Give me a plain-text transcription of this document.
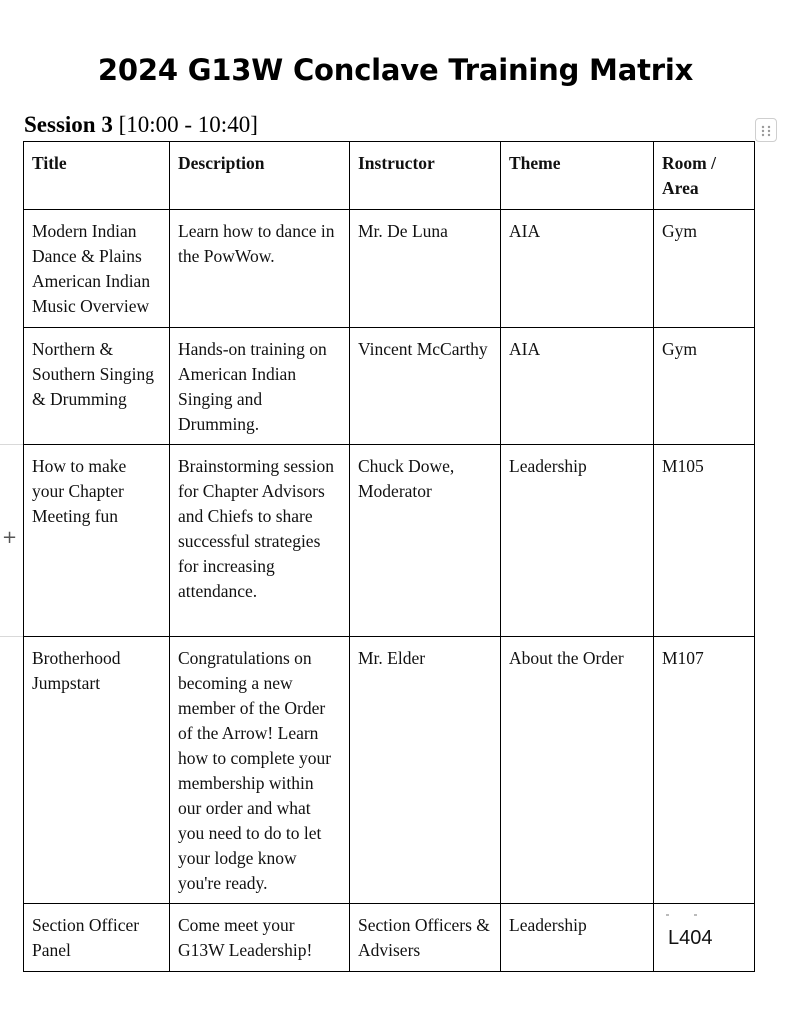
2024 G13W Conclave Training Matrix
Session 3 [10:00 - 10:40]
+
Title	Description	Instructor	Theme	Room / Area
Modern Indian Dance & Plains American Indian Music Overview	Learn how to dance in the PowWow.	Mr. De Luna	AIA	Gym
Northern & Southern Singing & Drumming	Hands-on training on American Indian Singing and Drumming.	Vincent McCarthy	AIA	Gym
How to make your Chapter Meeting fun	Brainstorming session for Chapter Advisors and Chiefs to share successful strategies for increasing attendance.	Chuck Dowe, Moderator	Leadership	M105
Brotherhood Jumpstart	Congratulations on becoming a new member of the Order of the Arrow! Learn how to complete your membership within our order and what you need to do to let your lodge know you're ready.	Mr. Elder	About the Order	M107
Section Officer Panel	Come meet your G13W Leadership!	Section Officers & Advisers	Leadership	L404
